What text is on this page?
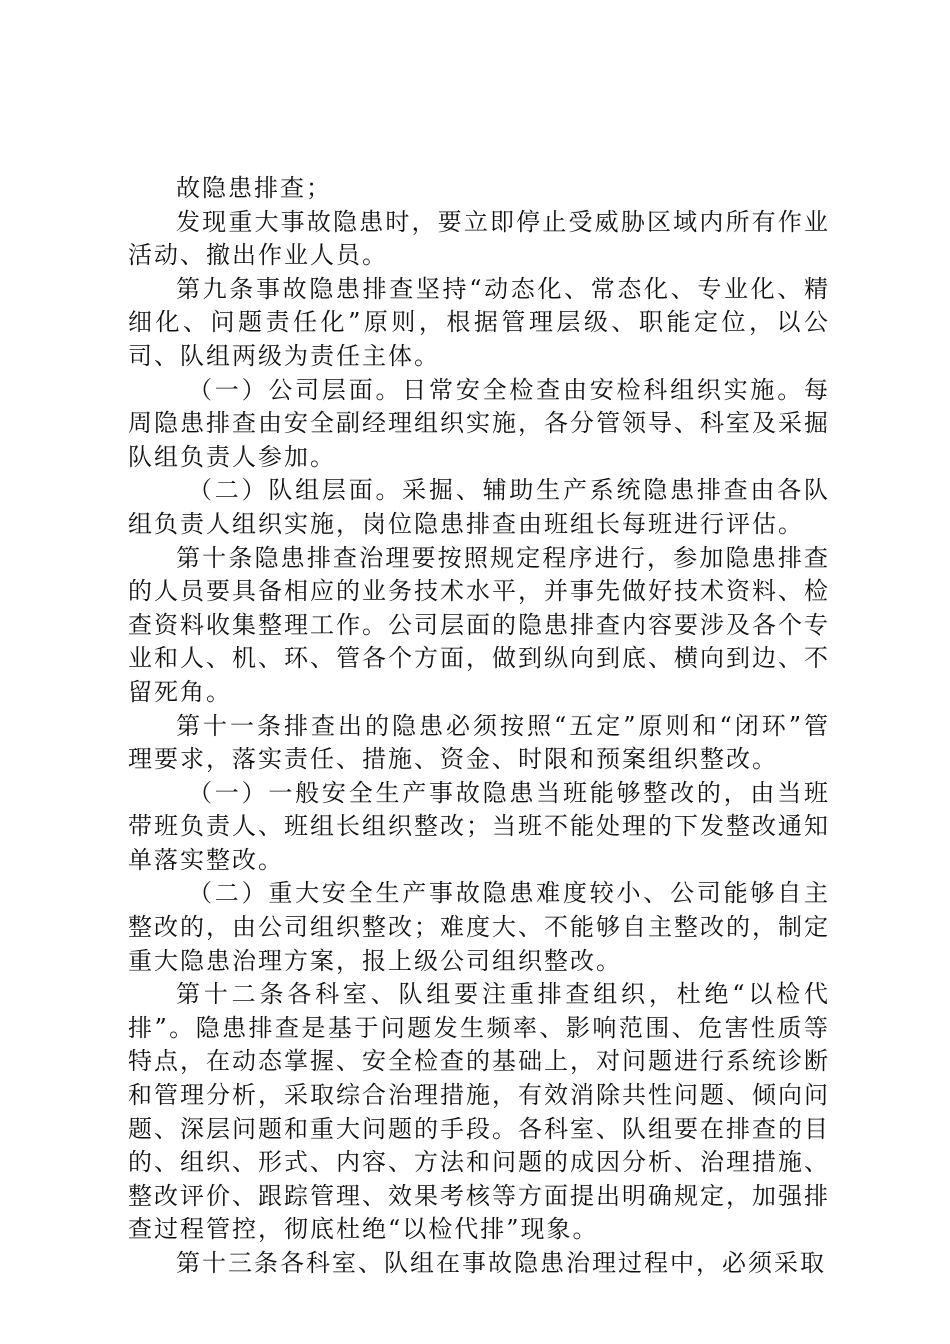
故隐患排查；

发现重大事故隐患时，要立即停止受威胁区域内所有作业活动、撤出作业人员。

第九条事故隐患排查坚持“动态化、常态化、专业化、精细化、问题责任化”原则，根据管理层级、职能定位，以公司、队组两级为责任主体。

（一）公司层面。日常安全检查由安检科组织实施。每周隐患排查由安全副经理组织实施，各分管领导、科室及采掘队组负责人参加。

（二）队组层面。采掘、辅助生产系统隐患排查由各队组负责人组织实施，岗位隐患排查由班组长每班进行评估。

第十条隐患排查治理要按照规定程序进行，参加隐患排查的人员要具备相应的业务技术水平，并事先做好技术资料、检查资料收集整理工作。公司层面的隐患排查内容要涉及各个专业和人、机、环、管各个方面，做到纵向到底、横向到边、不留死角。

第十一条排查出的隐患必须按照“五定”原则和“闭环”管理要求，落实责任、措施、资金、时限和预案组织整改。

（一）一般安全生产事故隐患当班能够整改的，由当班带班负责人、班组长组织整改；当班不能处理的下发整改通知单落实整改。

（二）重大安全生产事故隐患难度较小、公司能够自主整改的，由公司组织整改；难度大、不能够自主整改的，制定重大隐患治理方案，报上级公司组织整改。

第十二条各科室、队组要注重排查组织，杜绝“以检代排”。隐患排查是基于问题发生频率、影响范围、危害性质等特点，在动态掌握、安全检查的基础上，对问题进行系统诊断和管理分析，采取综合治理措施，有效消除共性问题、倾向问题、深层问题和重大问题的手段。各科室、队组要在排查的目的、组织、形式、内容、方法和问题的成因分析、治理措施、整改评价、跟踪管理、效果考核等方面提出明确规定，加强排查过程管控，彻底杜绝“以检代排”现象。

第十三条各科室、队组在事故隐患治理过程中，必须采取
